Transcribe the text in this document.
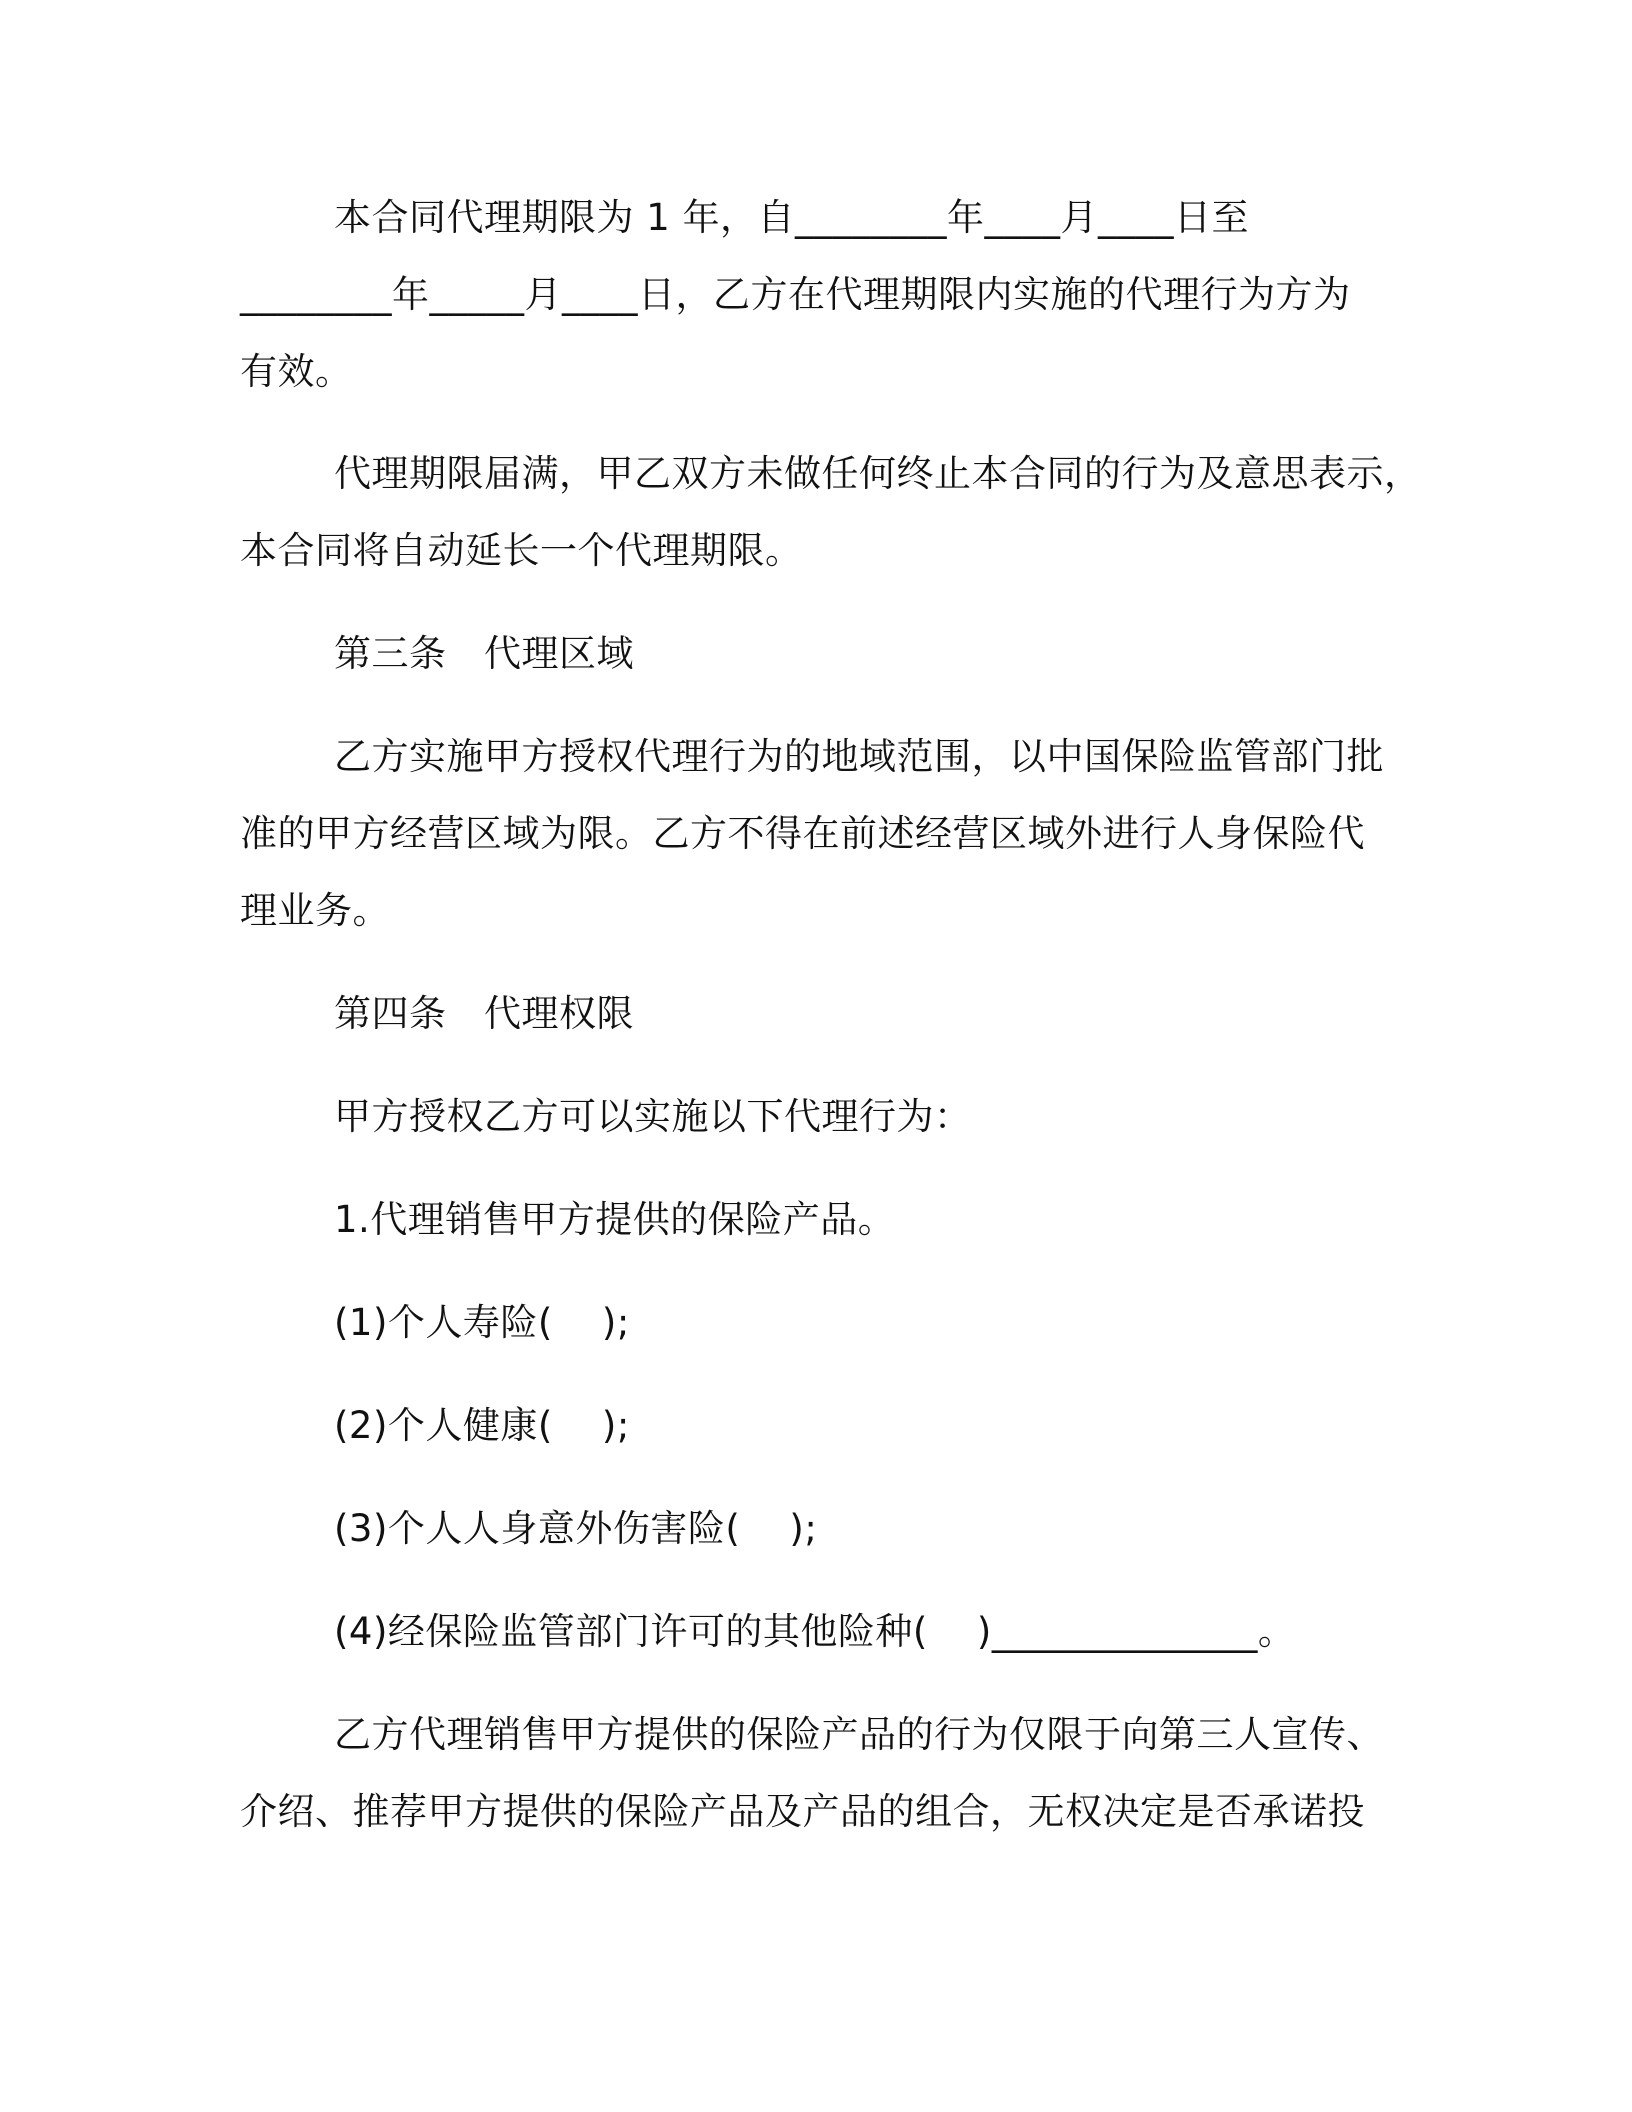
本合同代理期限为 1 年，自________年____月____日至
________年_____月____日，乙方在代理期限内实施的代理行为方为
有效。
代理期限届满，甲乙双方未做任何终止本合同的行为及意思表示，
本合同将自动延长一个代理期限。
第三条　代理区域
乙方实施甲方授权代理行为的地域范围，以中国保险监管部门批
准的甲方经营区域为限。乙方不得在前述经营区域外进行人身保险代
理业务。
第四条　代理权限
甲方授权乙方可以实施以下代理行为：
1.代理销售甲方提供的保险产品。
(1)个人寿险(    );
(2)个人健康(    );
(3)个人人身意外伤害险(    );
(4)经保险监管部门许可的其他险种(    )______________。
乙方代理销售甲方提供的保险产品的行为仅限于向第三人宣传、
介绍、推荐甲方提供的保险产品及产品的组合，无权决定是否承诺投
